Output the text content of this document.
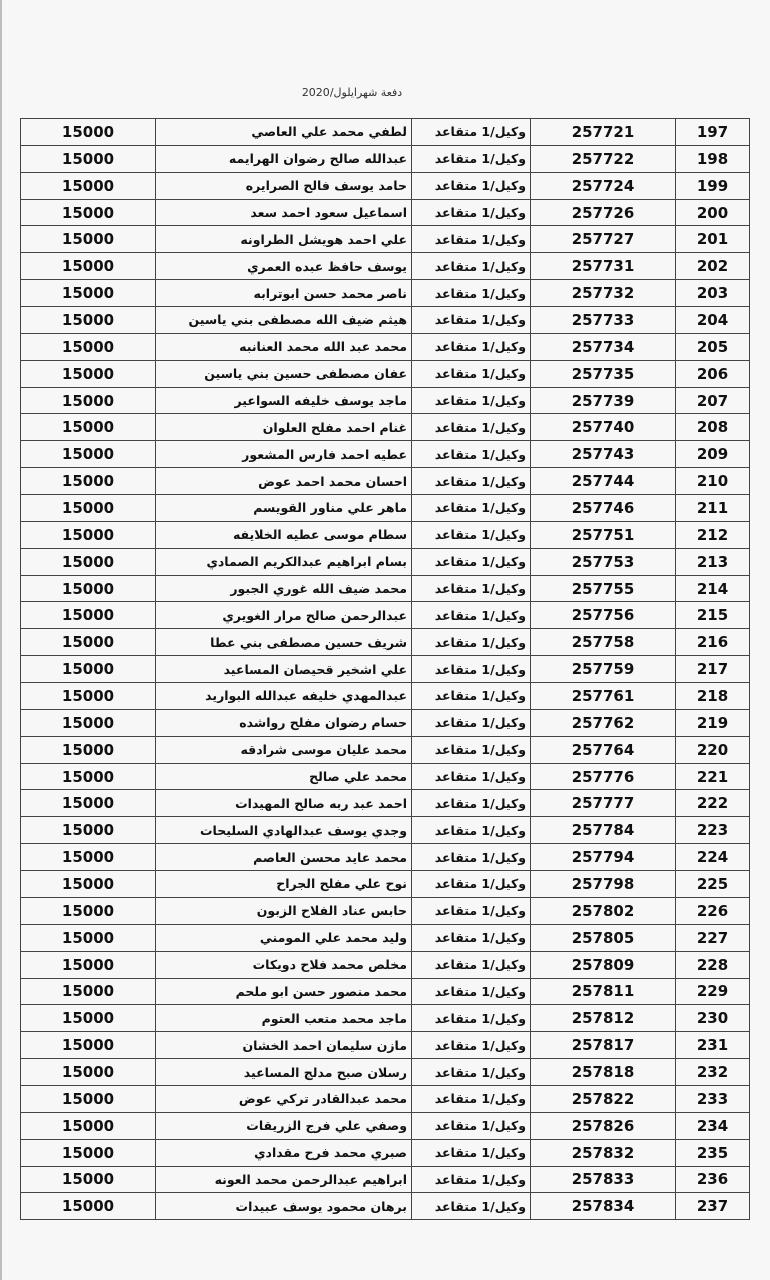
دفعة شهرايلول/2020
197	257721	وكيل/1 متقاعد	لطفي محمد علي العاصي	15000
198	257722	وكيل/1 متقاعد	عبدالله صالح رضوان الهرايمه	15000
199	257724	وكيل/1 متقاعد	حامد يوسف فالح الصرايره	15000
200	257726	وكيل/1 متقاعد	اسماعيل سعود احمد سعد	15000
201	257727	وكيل/1 متقاعد	علي احمد هويشل الطراونه	15000
202	257731	وكيل/1 متقاعد	يوسف حافظ عبده العمري	15000
203	257732	وكيل/1 متقاعد	ناصر محمد حسن ابوترابه	15000
204	257733	وكيل/1 متقاعد	هيثم ضيف الله مصطفى بني ياسين	15000
205	257734	وكيل/1 متقاعد	محمد عبد الله محمد العنانبه	15000
206	257735	وكيل/1 متقاعد	عفان مصطفى حسين بني ياسين	15000
207	257739	وكيل/1 متقاعد	ماجد يوسف خليفه السواعير	15000
208	257740	وكيل/1 متقاعد	غنام احمد مفلح العلوان	15000
209	257743	وكيل/1 متقاعد	عطيه احمد فارس المشعور	15000
210	257744	وكيل/1 متقاعد	احسان محمد احمد عوض	15000
211	257746	وكيل/1 متقاعد	ماهر علي مناور القويسم	15000
212	257751	وكيل/1 متقاعد	سطام موسى عطيه الخلايفه	15000
213	257753	وكيل/1 متقاعد	بسام ابراهيم عبدالكريم الصمادي	15000
214	257755	وكيل/1 متقاعد	محمد ضيف الله غوري الجبور	15000
215	257756	وكيل/1 متقاعد	عبدالرحمن صالح مرار الغويري	15000
216	257758	وكيل/1 متقاعد	شريف حسين مصطفى بني عطا	15000
217	257759	وكيل/1 متقاعد	علي اشخير قحيصان المساعيد	15000
218	257761	وكيل/1 متقاعد	عبدالمهدي خليفه عبدالله البواريد	15000
219	257762	وكيل/1 متقاعد	حسام رضوان مفلح رواشده	15000
220	257764	وكيل/1 متقاعد	محمد عليان موسى شرادقه	15000
221	257776	وكيل/1 متقاعد	محمد علي صالح	15000
222	257777	وكيل/1 متقاعد	احمد عبد ربه صالح المهيدات	15000
223	257784	وكيل/1 متقاعد	وجدي يوسف عبدالهادي السليحات	15000
224	257794	وكيل/1 متقاعد	محمد عايد محسن العاصم	15000
225	257798	وكيل/1 متقاعد	نوح علي مفلح الجراح	15000
226	257802	وكيل/1 متقاعد	حابس عناد الفلاح الزبون	15000
227	257805	وكيل/1 متقاعد	وليد محمد علي المومني	15000
228	257809	وكيل/1 متقاعد	مخلص محمد فلاح دويكات	15000
229	257811	وكيل/1 متقاعد	محمد منصور حسن ابو ملحم	15000
230	257812	وكيل/1 متقاعد	ماجد محمد متعب العتوم	15000
231	257817	وكيل/1 متقاعد	مازن سليمان احمد الخشان	15000
232	257818	وكيل/1 متقاعد	رسلان صبح مدلج المساعيد	15000
233	257822	وكيل/1 متقاعد	محمد عبدالقادر تركي عوض	15000
234	257826	وكيل/1 متقاعد	وصفي علي فرج الزريقات	15000
235	257832	وكيل/1 متقاعد	صبري محمد فرح مقدادي	15000
236	257833	وكيل/1 متقاعد	ابراهيم عبدالرحمن محمد العونه	15000
237	257834	وكيل/1 متقاعد	برهان محمود يوسف عبيدات	15000
